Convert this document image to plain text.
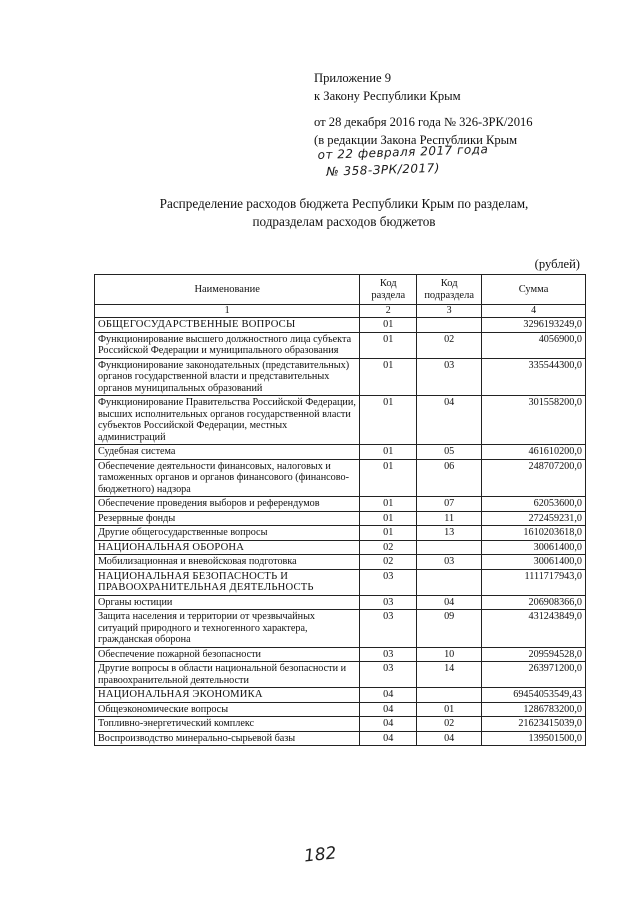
Приложение 9
к Закону Республики Крым
от 28 декабря 2016 года № 326-ЗРК/2016
(в редакции Закона Республики Крым
от 22 февраля 2017 года
№ 358-ЗРК/2017)
Распределение расходов бюджета Республики Крым по разделам,
подразделам расходов бюджетов
(рублей)
Наименование	Код раздела	Код подраздела	Сумма
1	2	3	4
ОБЩЕГОСУДАРСТВЕННЫЕ ВОПРОСЫ	01		3296193249,0
Функционирование высшего должностного лица субъекта Российской Федерации и муниципального образования	01	02	4056900,0
Функционирование законодательных (представительных) органов государственной власти и представительных органов муниципальных образований	01	03	335544300,0
Функционирование Правительства Российской Федерации, высших исполнительных органов государственной власти субъектов Российской Федерации, местных администраций	01	04	301558200,0
Судебная система	01	05	461610200,0
Обеспечение деятельности финансовых, налоговых и таможенных органов и органов финансового (финансово-бюджетного) надзора	01	06	248707200,0
Обеспечение проведения выборов и референдумов	01	07	62053600,0
Резервные фонды	01	11	272459231,0
Другие общегосударственные вопросы	01	13	1610203618,0
НАЦИОНАЛЬНАЯ ОБОРОНА	02		30061400,0
Мобилизационная и вневойсковая подготовка	02	03	30061400,0
НАЦИОНАЛЬНАЯ БЕЗОПАСНОСТЬ И ПРАВООХРАНИТЕЛЬНАЯ ДЕЯТЕЛЬНОСТЬ	03		1111717943,0
Органы юстиции	03	04	206908366,0
Защита населения и территории от чрезвычайных ситуаций природного и техногенного характера, гражданская оборона	03	09	431243849,0
Обеспечение пожарной безопасности	03	10	209594528,0
Другие вопросы в области национальной безопасности и правоохранительной деятельности	03	14	263971200,0
НАЦИОНАЛЬНАЯ ЭКОНОМИКА	04		69454053549,43
Общеэкономические вопросы	04	01	1286783200,0
Топливно-энергетический комплекс	04	02	21623415039,0
Воспроизводство минерально-сырьевой базы	04	04	139501500,0
182
